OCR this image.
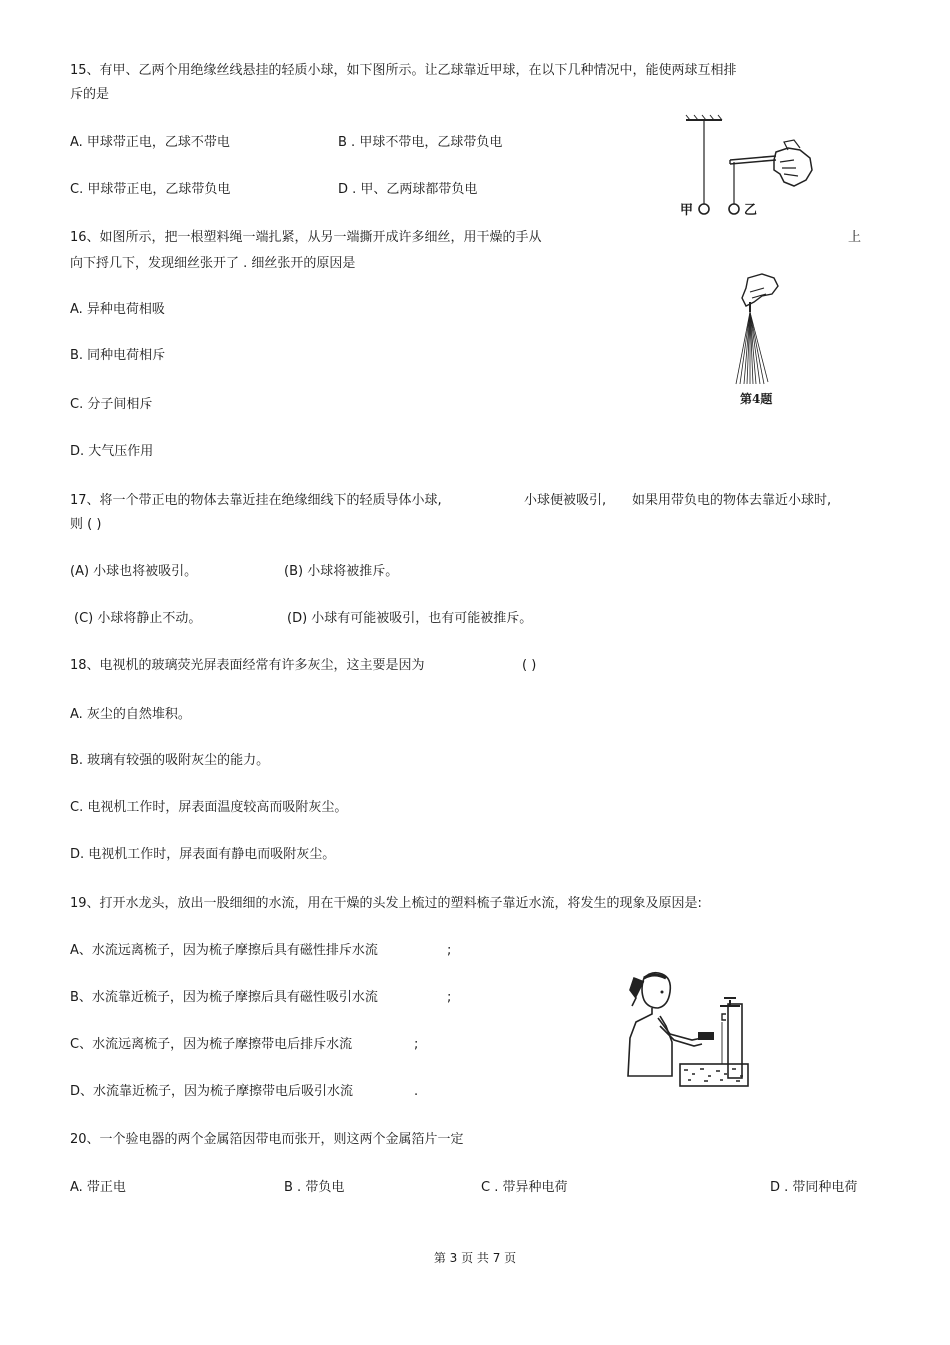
15、有甲、乙两个用绝缘丝线悬挂的轻质小球，如下图所示。让乙球靠近甲球，在以下几种情况中，能使两球互相排
斥的是
A. 甲球带正电，乙球不带电	B . 甲球不带电，乙球带负电
C. 甲球带正电，乙球带负电	D . 甲、乙两球都带负电
甲	乙
16、如图所示，把一根塑料绳一端扎紧，从另一端撕开成许多细丝，用干燥的手从	上
向下捋几下，发现细丝张开了 . 细丝张开的原因是
A. 异种电荷相吸
B. 同种电荷相斥
C. 分子间相斥
D. 大气压作用
第4题
17、将一个带正电的物体去靠近挂在绝缘细线下的轻质导体小球,	小球便被吸引, 如果用带负电的物体去靠近小球时,
则 ( )
(A) 小球也将被吸引。	(B) 小球将被推斥。
(C) 小球将静止不动。	(D) 小球有可能被吸引，也有可能被推斥。
18、电视机的玻璃荧光屏表面经常有许多灰尘，这主要是因为	( )
A. 灰尘的自然堆积。
B. 玻璃有较强的吸附灰尘的能力。
C. 电视机工作时，屏表面温度较高而吸附灰尘。
D. 电视机工作时，屏表面有静电而吸附灰尘。
19、打开水龙头，放出一股细细的水流，用在干燥的头发上梳过的塑料梳子靠近水流，将发生的现象及原因是:
A、水流远离梳子，因为梳子摩擦后具有磁性排斥水流	;
B、水流靠近梳子，因为梳子摩擦后具有磁性吸引水流	;
C、水流远离梳子，因为梳子摩擦带电后排斥水流	;
D、水流靠近梳子，因为梳子摩擦带电后吸引水流	.
20、一个验电器的两个金属箔因带电而张开，则这两个金属箔片一定
A. 带正电	B . 带负电	C . 带异种电荷	D . 带同种电荷
第 3 页 共 7 页
